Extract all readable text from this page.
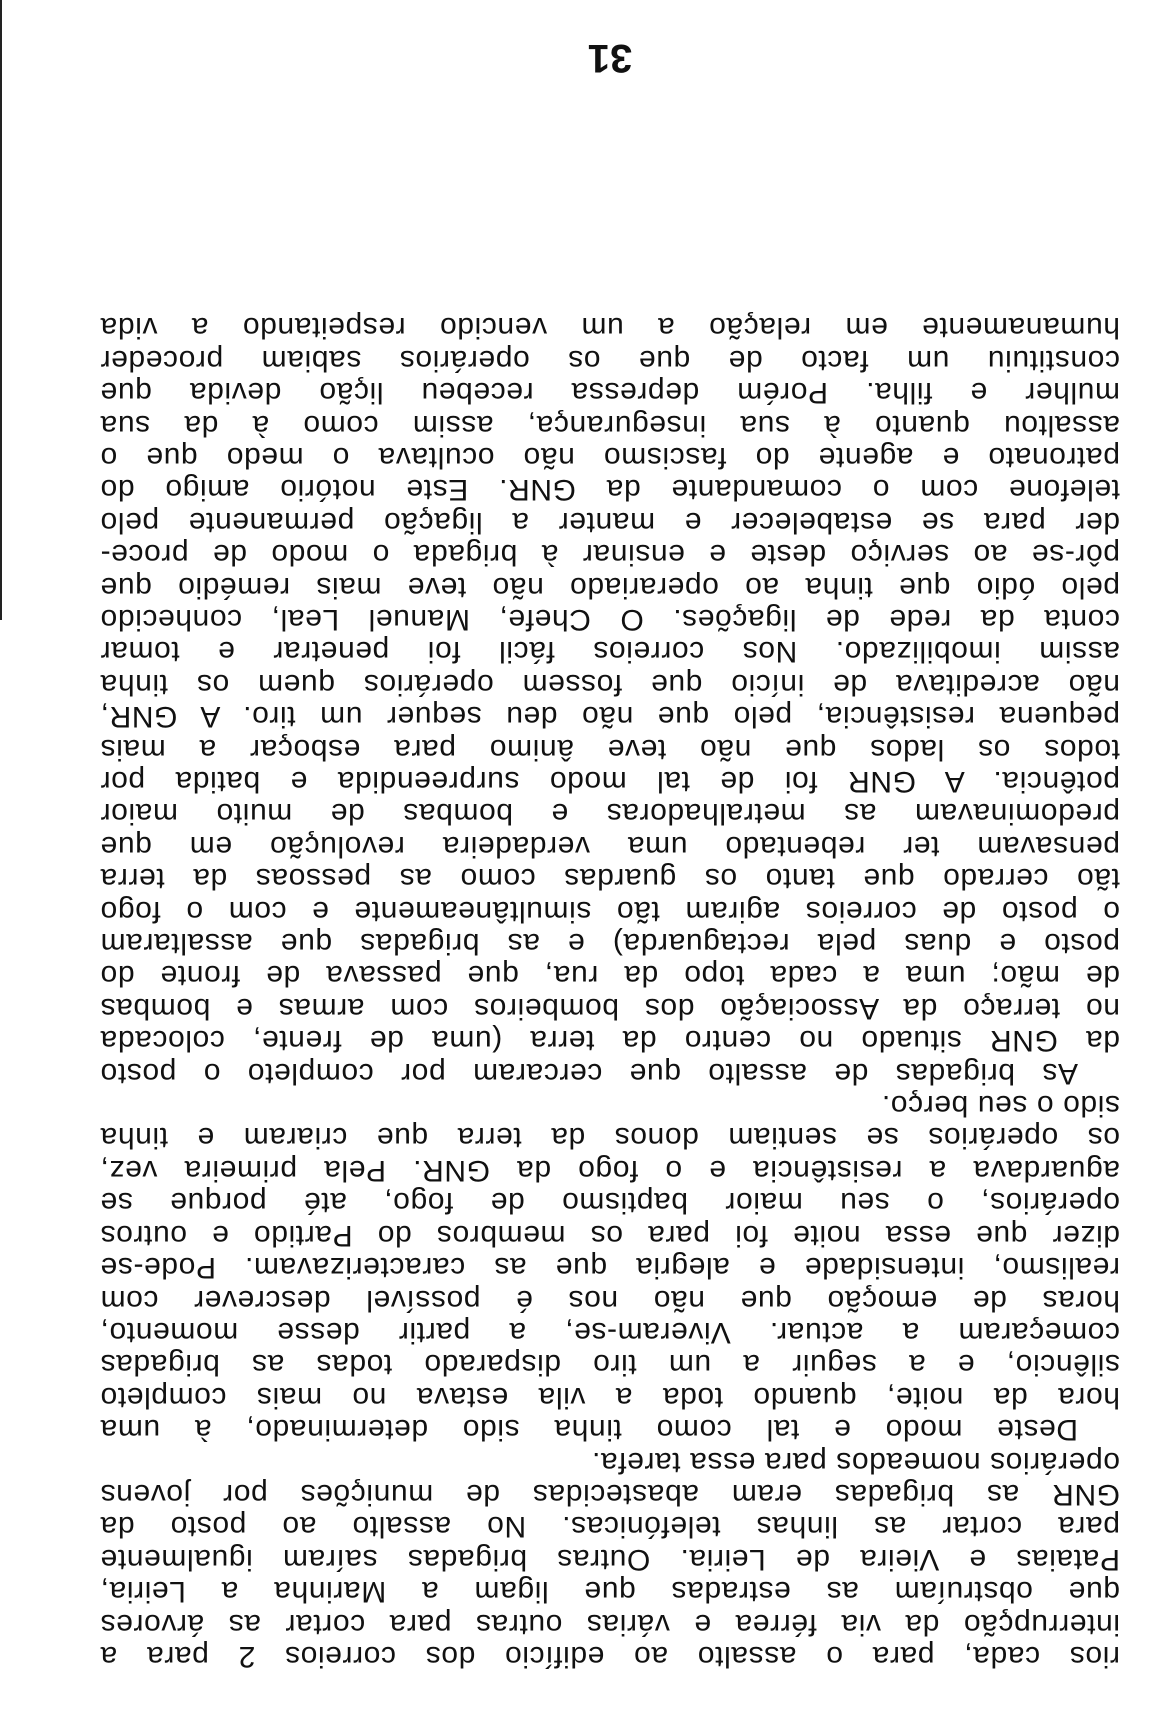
rios cada, para o assalto ao edifício dos correios 2 para a
interrupção da via férrea e várias outras para cortar as árvores
que obstruíam as estradas que ligam a Marinha a Leiria,
Pataias e Vieira de Leiria. Outras brigadas saíram igualmente
para cortar as linhas telefónicas. No assalto ao posto da
GNR as brigadas eram abastecidas de munições por jovens
operários nomeados para essa tarefa.
Deste modo e tal como tinha sido determinado, à uma
hora da noite, quando toda a vila estava no mais completo
silêncio, e a seguir a um tiro disparado todas as brigadas
começaram a actuar. Viveram-se, a partir desse momento,
horas de emoção que não nos é possível descrever com
realismo, intensidade e alegria que as caracterizavam. Pode-se
dizer que essa noite foi para os membros do Partido e outros
operários, o seu maior baptismo de fogo, até porque se
aguardava a resistência e o fogo da GNR. Pela primeira vez,
os operários se sentiam donos da terra que criaram e tinha
sido o seu berço.
As brigadas de assalto que cercaram por completo o posto
da GNR situado no centro da terra (uma de frente, colocada
no terraço da Associação dos bombeiros com armas e bombas
de mão; uma a cada topo da rua, que passava de fronte do
posto e duas pela rectaguarda) e as brigadas que assaltaram
o posto de correios agiram tão simultâneamente e com o fogo
tão cerrado que tanto os guardas como as pessoas da terra
pensavam ter rebentado uma verdadeira revolução em que
predominavam as metralhadoras e bombas de muito maior
potência. A GNR foi de tal modo surpreendida e batida por
todos os lados que não teve ânimo para esboçar a mais
pequena resistência, pelo que não deu sequer um tiro. A GNR,
não acreditava de início que fossem operários quem os tinha
assim imobilizado. Nos correios fácil foi penetrar e tomar
conta da rede de ligações. O Chefe, Manuel Leal, conhecido
pelo ódio que tinha ao operariado não teve mais remédio que
pôr-se ao serviço deste e ensinar à brigada o modo de proce-
der para se estabelecer e manter a ligação permanente pelo
telefone com o comandante da GNR. Este notório amigo do
patronato e agente do fascismo não ocultava o medo que o
assaltou quanto à sua insegurança, assim como à da sua
mulher e filha. Porém depressa recebeu lição devida que
constituiu um facto de que os operários sabiam proceder
humanamente em relação a um vencido respeitando a vida
31
